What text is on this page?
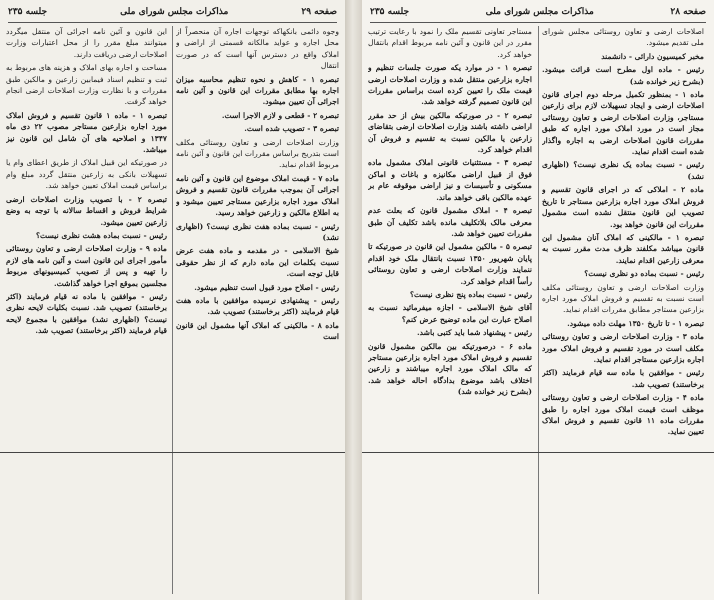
جلسه ۲۳۵	مذاکرات مجلس شورای ملی	صفحه ۲۹

وجوه دائمی بانکهاکه توجهات اجاره آن منحصراً از محل اجاره و عواید مالکانه قسمتی از اراضی و املاک واقع در دسترس آنها است که در صورت انتقال

تبصره ۱ - کاهش و نحوه تنظیم محاسبه میزان اجاره بها مطابق مقررات این قانون و آئین نامه اجرائی آن تعیین میشود.

تبصره ۲ - قطعی و لازم الاجرا است.

تبصره ۳ - تصویب شده است.

وزارت اصلاحات ارضی و تعاون روستائی مکلف است بتدریج براساس مقررات این قانون و آئین نامه مربوط اقدام نماید.

ماده ۷ - قیمت املاک موضوع این قانون و آئین نامه اجرائی آن بموجب مقررات قانون تقسیم و فروش املاک مورد اجاره بزارعین مستاجر تعیین میشود و به اطلاع مالکین و زارعین خواهد رسید.

رئیس - نسبت بماده هفت نظری نیست؟ (اظهاری نشد)

شیخ الاسلامی - در مقدمه و ماده هفت عرض نسبت بکلمات این ماده دارم که از نظر حقوقی قابل توجه است.

رئیس - اصلاح مورد قبول است تنظیم میشود.

رئیس - پیشنهادی نرسیده موافقین با ماده هفت قیام فرمایند (اکثر برخاستند) تصویب شد.

ماده ۸ - مالکینی که املاک آنها مشمول این قانون است

این قانون و آئین نامه اجرائی آن منتقل میگردد میتوانند مبلغ مقرر را از محل اعتبارات وزارت اصلاحات ارضی دریافت دارند.

مساحت و اجاره بهای املاک و هزینه های مربوط به ثبت و تنظیم اسناد فیمابین زارعین و مالکین طبق مقررات و با نظارت وزارت اصلاحات ارضی انجام خواهد گرفت.

تبصره ۱ - ماده ۱ قانون تقسیم و فروش املاک مورد اجاره بزارعین مستاجر مصوب ۲۲ دی ماه ۱۳۴۷ و اصلاحیه های آن شامل این قانون نیز میباشد.

در صورتیکه این قبیل املاک از طریق اعطای وام یا تسهیلات بانکی به زارعین منتقل گردد مبلغ وام براساس قیمت املاک تعیین خواهد شد.

تبصره ۲ - با تصویب وزارت اصلاحات ارضی شرایط فروش و اقساط سالانه با توجه به وضع زارعین تعیین میشود.

رئیس - نسبت بماده هشت نظری نیست؟

ماده ۹ - وزارت اصلاحات ارضی و تعاون روستائی مأمور اجرای این قانون است و آئین نامه های لازم را تهیه و پس از تصویب کمیسیونهای مربوط مجلسین بموقع اجرا خواهد گذاشت.

رئیس - موافقین با ماده نه قیام فرمایند (اکثر برخاستند) تصویب شد. نسبت بکلیات لایحه نظری نیست؟ (اظهاری نشد) موافقین با مجموع لایحه قیام فرمایند (اکثر برخاستند) تصویب شد.

جلسه ۲۳۵	مذاکرات مجلس شورای ملی	صفحه ۲۸

اصلاحات ارضی و تعاون روستائی مجلس شورای ملی تقدیم میشود.

مخبر کمیسیون دارائی - دانشمند

رئیس - ماده اول مطرح است قرائت میشود. (بشرح زیر خوانده شد)

ماده ۱ - بمنظور تکمیل مرحله دوم اجرای قانون اصلاحات ارضی و ایجاد تسهیلات لازم برای زارعین مستاجر، وزارت اصلاحات ارضی و تعاون روستائی مجاز است در مورد املاک مورد اجاره که طبق مقررات قانون اصلاحات ارضی به اجاره واگذار شده است اقدام نماید.

رئیس - نسبت بماده یک نظری نیست؟ (اظهاری نشد)

ماده ۲ - املاکی که در اجرای قانون تقسیم و فروش املاک مورد اجاره بزارعین مستاجر تا تاریخ تصویب این قانون منتقل نشده است مشمول مقررات این قانون خواهد بود.

تبصره ۱ - مالکینی که املاک آنان مشمول این قانون میباشد مکلفند ظرف مدت مقرر نسبت به معرفی زارعین اقدام نمایند.

رئیس - نسبت بماده دو نظری نیست؟

وزارت اصلاحات ارضی و تعاون روستائی مکلف است نسبت به تقسیم و فروش املاک مورد اجاره بزارعین مستاجر مطابق مقررات اقدام نماید.

تبصره ۱ - تا تاریخ ۱۳۵۰ مهلت داده میشود.

ماده ۳ - وزارت اصلاحات ارضی و تعاون روستائی مکلف است در مورد تقسیم و فروش املاک مورد اجاره بزارعین مستاجر اقدام نماید.

رئیس - موافقین با ماده سه قیام فرمایند (اکثر برخاستند) تصویب شد.

ماده ۴ - وزارت اصلاحات ارضی و تعاون روستائی موظف است قیمت املاک مورد اجاره را طبق مقررات ماده ۱۱ قانون تقسیم و فروش املاک تعیین نماید.

مستاجر تعاونی تقسیم ملک را نمود با رعایت ترتیب مقرر در این قانون و آئین نامه مربوط اقدام بانتقال خواهد کرد.

تبصره ۱ - در موارد یکه صورت جلسات تنظیم و اجاره بزارعین منتقل شده و وزارت اصلاحات ارضی قیمت ملک را تعیین کرده است براساس مقررات این قانون تصمیم گرفته خواهد شد.

تبصره ۲ - در صورتیکه مالکین بیش از حد مقرر اراضی داشته باشند وزارت اصلاحات ارضی بتقاضای زارعین یا مالکین نسبت به تقسیم و فروش آن اقدام خواهد کرد.

تبصره ۳ - مستثنیات قانونی املاک مشمول ماده فوق از قبیل اراضی مکانیزه و باغات و اماکن مسکونی و تأسیسات و نیز اراضی موقوفه عام بر عهده مالکین باقی خواهد ماند.

تبصره ۴ - املاک مشمول قانون که بعلت عدم معرفی مالک بلاتکلیف مانده باشد تکلیف آن طبق مقررات تعیین خواهد شد.

تبصره ۵ - مالکین مشمول این قانون در صورتیکه تا پایان شهریور ۱۳۵۰ نسبت بانتقال ملک خود اقدام ننمایند وزارت اصلاحات ارضی و تعاون روستائی رأساً اقدام خواهد کرد.

رئیس - نسبت بماده پنج نظری نیست؟

آقای شیخ الاسلامی - اجازه میفرمائید نسبت به اصلاح عبارت این ماده توضیح عرض کنم؟

رئیس - پیشنهاد شما باید کتبی باشد.

ماده ۶ - درصورتیکه بین مالکین مشمول قانون تقسیم و فروش املاک مورد اجاره بزارعین مستاجر که مالک املاک مورد اجاره میباشند و زارعین اختلاف باشد موضوع بدادگاه احاله خواهد شد. (بشرح زیر خوانده شد)
